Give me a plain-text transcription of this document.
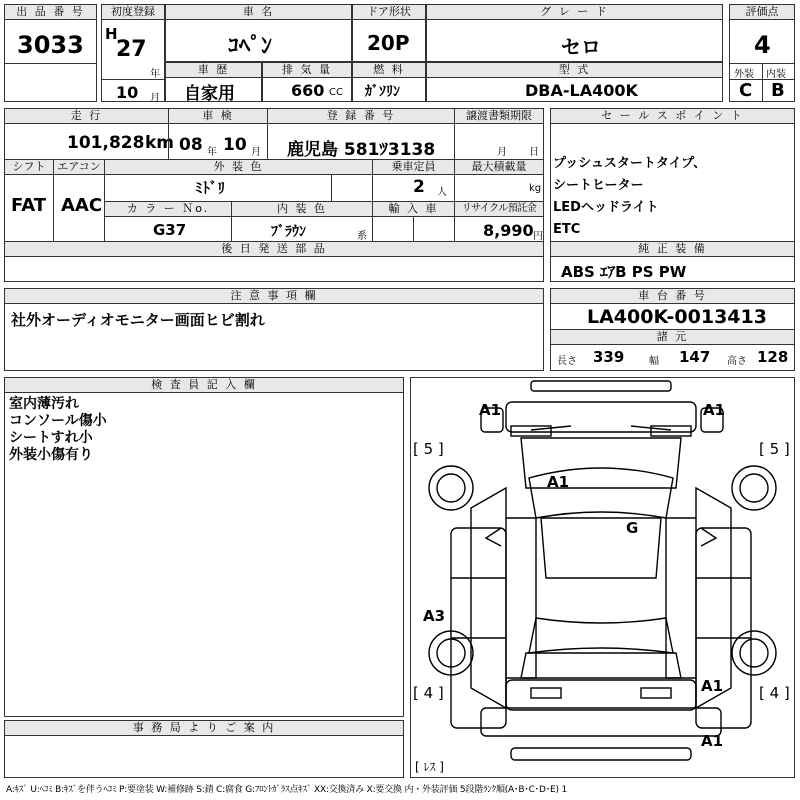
出 品 番 号
3033
初度登録
H
27
年
10 月
車 名
ｺﾍﾟﾝ
ドア形状
20P
グ レ ー ド
セロ
評価点
4
外装 内装
C B
車 歴
自家用
排 気 量
660 CC
燃 料
ｶﾞｿﾘﾝ
型 式
DBA-LA400K
走 行
101,828 km
車 検
08 年 10 月
登 録 番 号
鹿児島 581ﾂ3138
譲渡書類期限
月 日
シフト
FAT
エアコン
AAC
外 装 色
ﾐﾄﾞﾘ
乗車定員
2 人
最大積載量
kg
カ ラ ー Ｎo.
G37
内 装 色
ﾌﾞﾗｳﾝ	系
輸 入 車	リサイクル預託金
8,990 円
後 日 発 送 部 品
セ ー ル ス ポ イ ン ト
プッシュスタートタイプ、
シートヒーター
LEDヘッドライト
ETC
純 正 装 備
ABS ｴｱB PS PW
注 意 事 項 欄
社外オーディオモニター画面ヒビ割れ
車 台 番 号
LA400K-0013413
諸 元
長さ 339 幅 147 高さ 128
検 査 員 記 入 欄
室内薄汚れ
コンソール傷小
シートすれ小
外装小傷有り
事 務 局 よ り ご 案 内
A1	A1
[ 5 ]	[ 5 ]
A1
G
A3
[ 4 ]	[ 4 ]
A1
A1
[ ﾚｽ ]
A:ｷｽﾞ U:ﾍｺﾐ B:ｷｽﾞを伴うﾍｺﾐ P:要塗装 W:補修跡 S:錆 C:腐食 G:ﾌﾛﾝﾄｶﾞﾗｽ点ｷｽﾞ XX:交換済み X:要交換 内・外装評価 5段階ﾗﾝｸ順(A･B･C･D･E) 1
